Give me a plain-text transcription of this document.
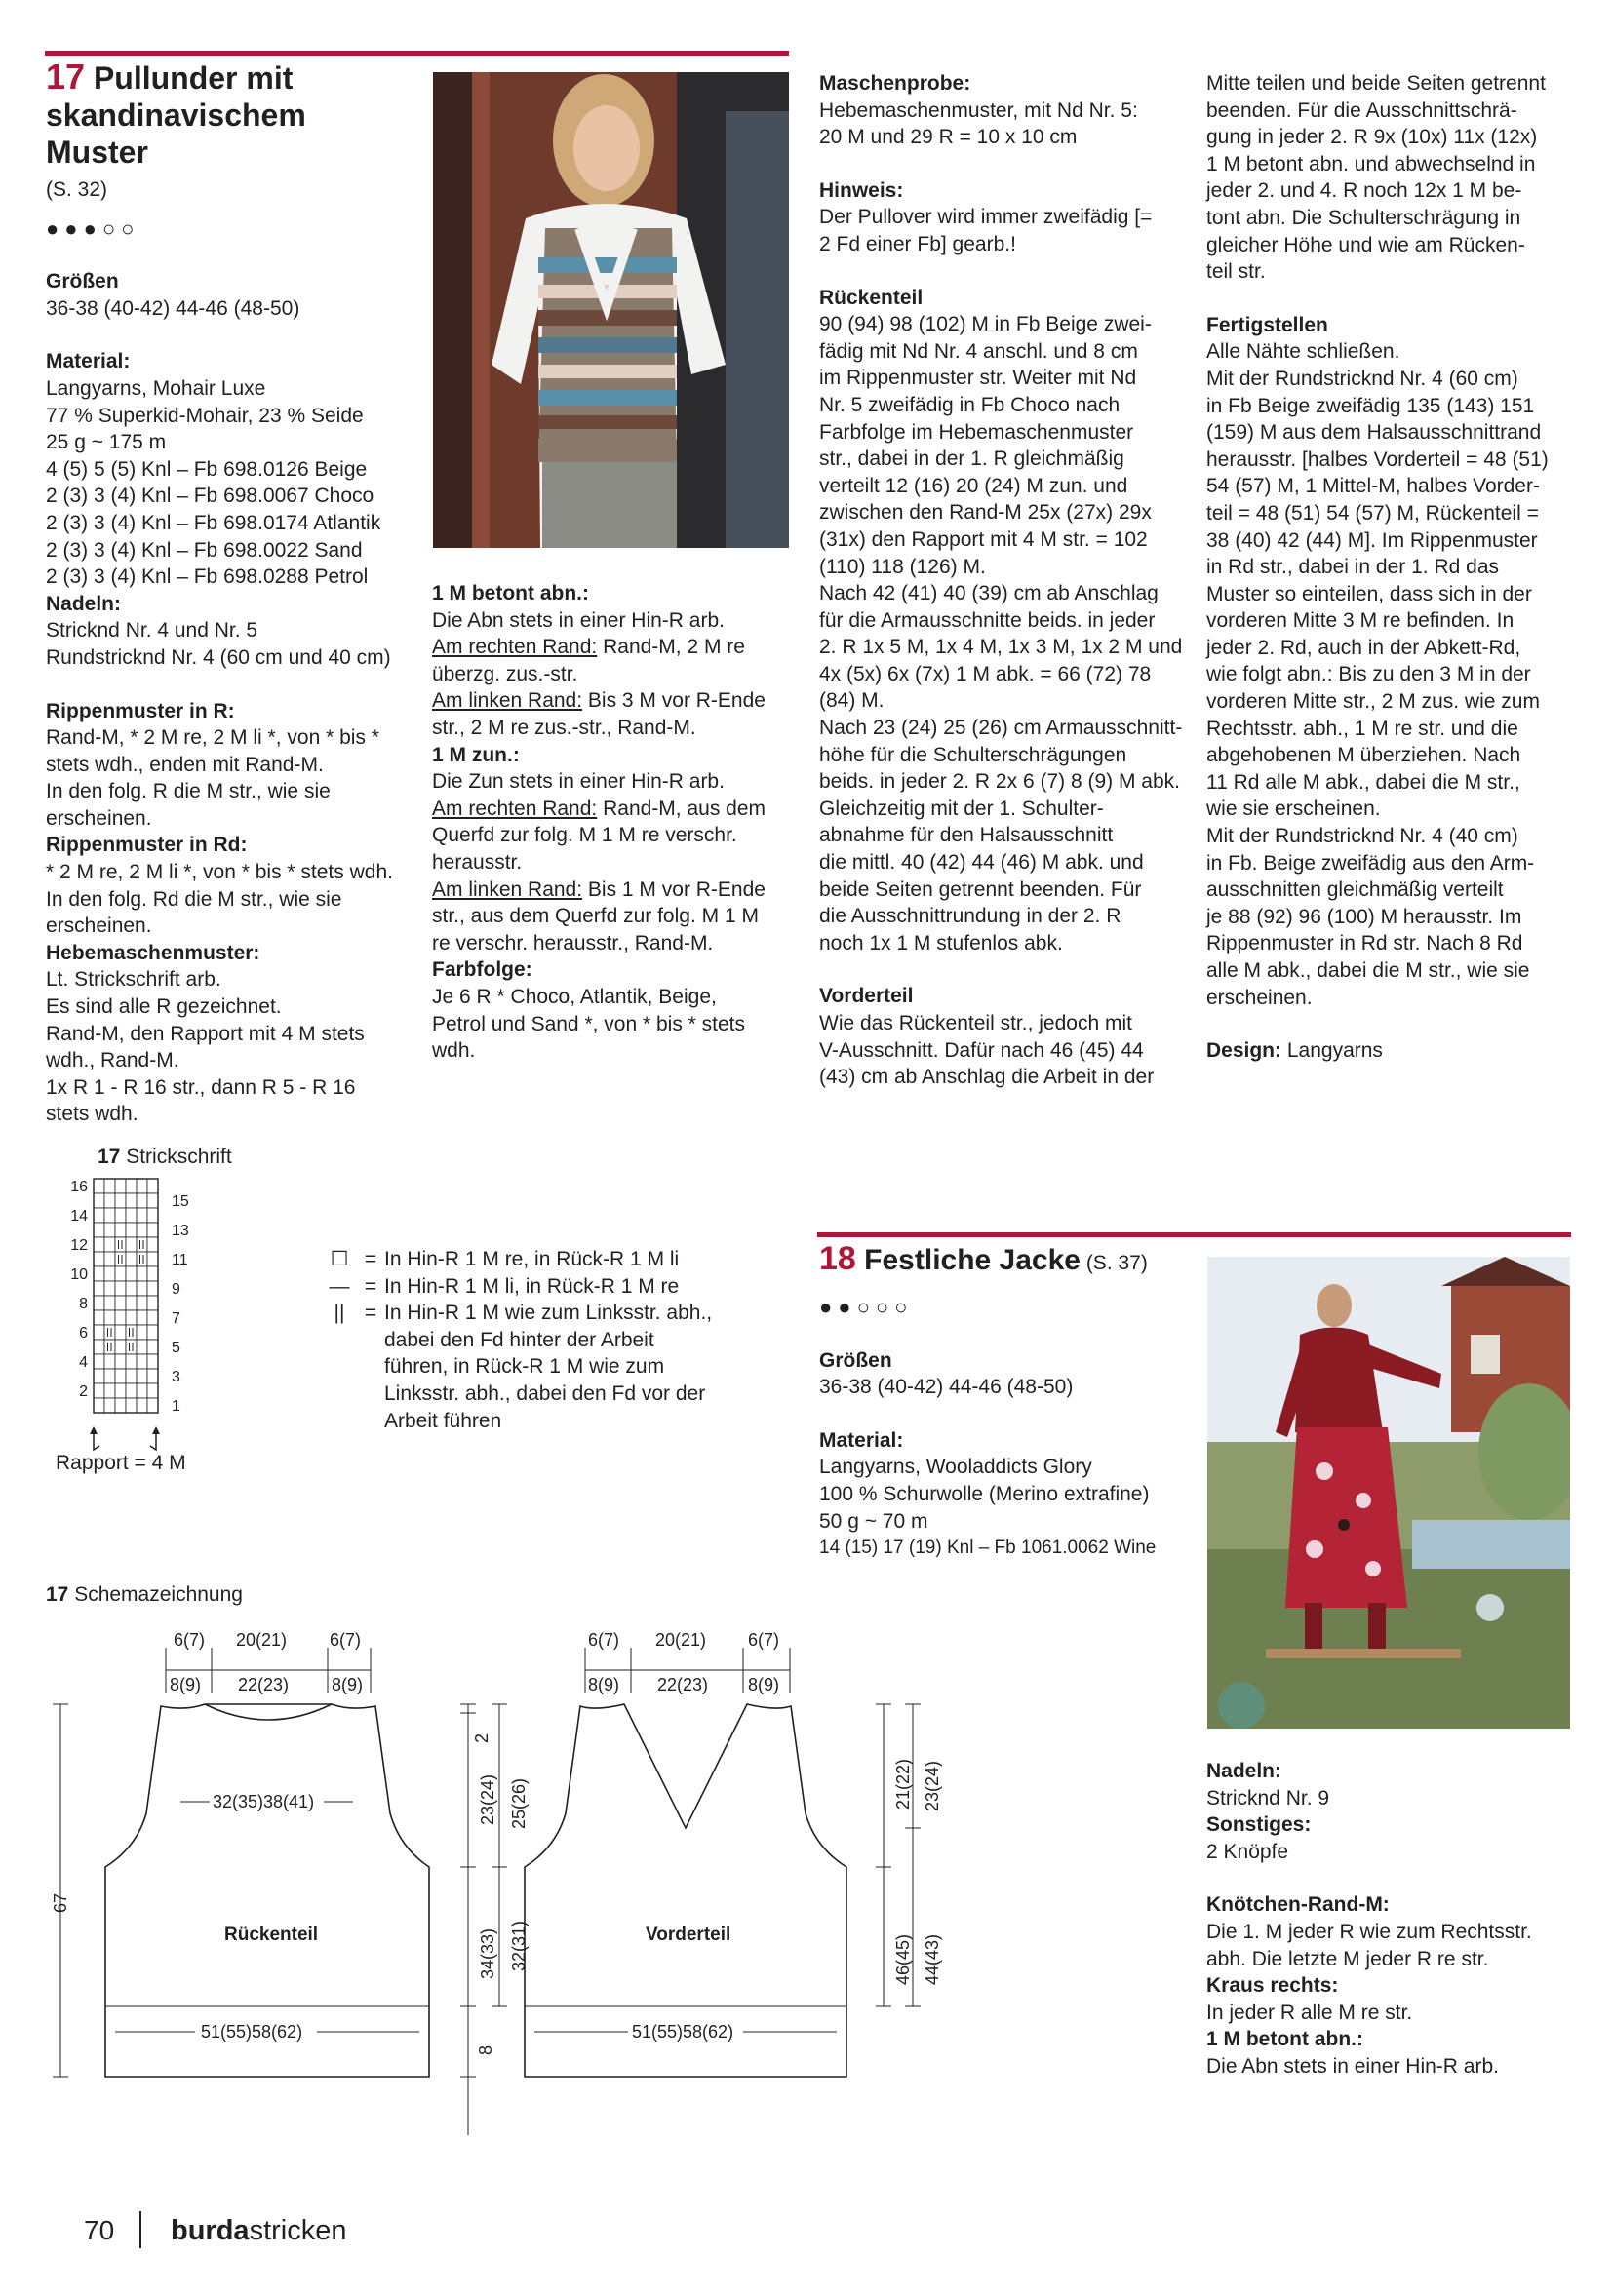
17 Pullunder mit
skandinavischem Muster

(S. 32)

●●●○○

Größen

36-38 (40-42) 44-46 (48-50)

Material:

Langyarns, Mohair Luxe

77 % Superkid-Mohair, 23 % Seide

25 g ~ 175 m

4 (5) 5 (5) Knl – Fb 698.0126 Beige

2 (3) 3 (4) Knl – Fb 698.0067 Choco

2 (3) 3 (4) Knl – Fb 698.0174 Atlantik

2 (3) 3 (4) Knl – Fb 698.0022 Sand

2 (3) 3 (4) Knl – Fb 698.0288 Petrol

Nadeln:

Stricknd Nr. 4 und Nr. 5

Rundstricknd Nr. 4 (60 cm und 40 cm)

Rippenmuster in R:

Rand-M, * 2 M re, 2 M li *, von * bis *

stets wdh., enden mit Rand-M.

In den folg. R die M str., wie sie

erscheinen.

Rippenmuster in Rd:

* 2 M re, 2 M li *, von * bis * stets wdh.

In den folg. Rd die M str., wie sie

erscheinen.

Hebemaschenmuster:

Lt. Strickschrift arb.

Es sind alle R gezeichnet.

Rand-M, den Rapport mit 4 M stets

wdh., Rand-M.

1x R 1 - R 16 str., dann R 5 - R 16

stets wdh.

1 M betont abn.:

Die Abn stets in einer Hin-R arb.

Am rechten Rand: Rand-M, 2 M re

überzg. zus.-str.

Am linken Rand: Bis 3 M vor R-Ende

str., 2 M re zus.-str., Rand-M.

1 M zun.:

Die Zun stets in einer Hin-R arb.

Am rechten Rand: Rand-M, aus dem

Querfd zur folg. M 1 M re verschr.

herausstr.

Am linken Rand: Bis 1 M vor R-Ende

str., aus dem Querfd zur folg. M 1 M

re verschr. herausstr., Rand-M.

Farbfolge:

Je 6 R * Choco, Atlantik, Beige,

Petrol und Sand *, von * bis * stets

wdh.

Maschenprobe:

Hebemaschenmuster, mit Nd Nr. 5:

20 M und 29 R = 10 x 10 cm

Hinweis:

Der Pullover wird immer zweifädig [=

2 Fd einer Fb] gearb.!

Rückenteil

90 (94) 98 (102) M in Fb Beige zwei-

fädig mit Nd Nr. 4 anschl. und 8 cm

im Rippenmuster str. Weiter mit Nd

Nr. 5 zweifädig in Fb Choco nach

Farbfolge im Hebemaschenmuster

str., dabei in der 1. R gleichmäßig

verteilt 12 (16) 20 (24) M zun. und

zwischen den Rand-M 25x (27x) 29x

(31x) den Rapport mit 4 M str. = 102

(110) 118 (126) M.

Nach 42 (41) 40 (39) cm ab Anschlag

für die Armausschnitte beids. in jeder

2. R 1x 5 M, 1x 4 M, 1x 3 M, 1x 2 M und

4x (5x) 6x (7x) 1 M abk. = 66 (72) 78

(84) M.

Nach 23 (24) 25 (26) cm Armausschnitt-

höhe für die Schulterschrägungen

beids. in jeder 2. R 2x 6 (7) 8 (9) M abk.

Gleichzeitig mit der 1. Schulter-

abnahme für den Halsausschnitt

die mittl. 40 (42) 44 (46) M abk. und

beide Seiten getrennt beenden. Für

die Ausschnittrundung in der 2. R

noch 1x 1 M stufenlos abk.

Vorderteil

Wie das Rückenteil str., jedoch mit

V-Ausschnitt. Dafür nach 46 (45) 44

(43) cm ab Anschlag die Arbeit in der

Mitte teilen und beide Seiten getrennt

beenden. Für die Ausschnittschrä-

gung in jeder 2. R 9x (10x) 11x (12x)

1 M betont abn. und abwechselnd in

jeder 2. und 4. R noch 12x 1 M be-

tont abn. Die Schulterschrägung in

gleicher Höhe und wie am Rücken-

teil str.

Fertigstellen

Alle Nähte schließen.

Mit der Rundstricknd Nr. 4 (60 cm)

in Fb Beige zweifädig 135 (143) 151

(159) M aus dem Halsausschnittrand

herausstr. [halbes Vorderteil = 48 (51)

54 (57) M, 1 Mittel-M, halbes Vorder-

teil = 48 (51) 54 (57) M, Rückenteil =

38 (40) 42 (44) M]. Im Rippenmuster

in Rd str., dabei in der 1. Rd das

Muster so einteilen, dass sich in der

vorderen Mitte 3 M re befinden. In

jeder 2. Rd, auch in der Abkett-Rd,

wie folgt abn.: Bis zu den 3 M in der

vorderen Mitte str., 2 M zus. wie zum

Rechtsstr. abh., 1 M re str. und die

abgehobenen M überziehen. Nach

11 Rd alle M abk., dabei die M str.,

wie sie erscheinen.

Mit der Rundstricknd Nr. 4 (40 cm)

in Fb. Beige zweifädig aus den Arm-

ausschnitten gleichmäßig verteilt

je 88 (92) 96 (100) M herausstr. Im

Rippenmuster in Rd str. Nach 8 Rd

alle M abk., dabei die M str., wie sie

erscheinen.

Design: Langyarns

17 Strickschrift
16
14
12
10
8
6
4
2
15
13
11
9
7
5
3
1
Rapport = 4 M
☐ = In Hin-R 1 M re, in Rück-R 1 M li
— = In Hin-R 1 M li, in Rück-R 1 M re
|| = In Hin-R 1 M wie zum Linksstr. abh.,

dabei den Fd hinter der Arbeit

führen, in Rück-R 1 M wie zum

Linksstr. abh., dabei den Fd vor der

Arbeit führen

17 Schemazeichnung
6(7) 20(21) 6(7)
8(9) 22(23) 8(9)
6(7) 20(21) 6(7)
8(9) 22(23) 8(9)
32(35)38(41)
Rückenteil	Vorderteil
51(55)58(62)	51(55)58(62)
67
23(24)
2
25(26)
34(33) 32(31)
8
21(22) 23(24)
46(45) 44(43)
18 Festliche Jacke (S. 37)

●●○○○

Größen

36-38 (40-42) 44-46 (48-50)

Material:

Langyarns, Wooladdicts Glory

100 % Schurwolle (Merino extrafine)

50 g ~ 70 m

14 (15) 17 (19) Knl – Fb 1061.0062 Wine

Nadeln:

Stricknd Nr. 9

Sonstiges:

2 Knöpfe

Knötchen-Rand-M:

Die 1. M jeder R wie zum Rechtsstr.

abh. Die letzte M jeder R re str.

Kraus rechts:

In jeder R alle M re str.

1 M betont abn.:

Die Abn stets in einer Hin-R arb.

70 burdastricken
